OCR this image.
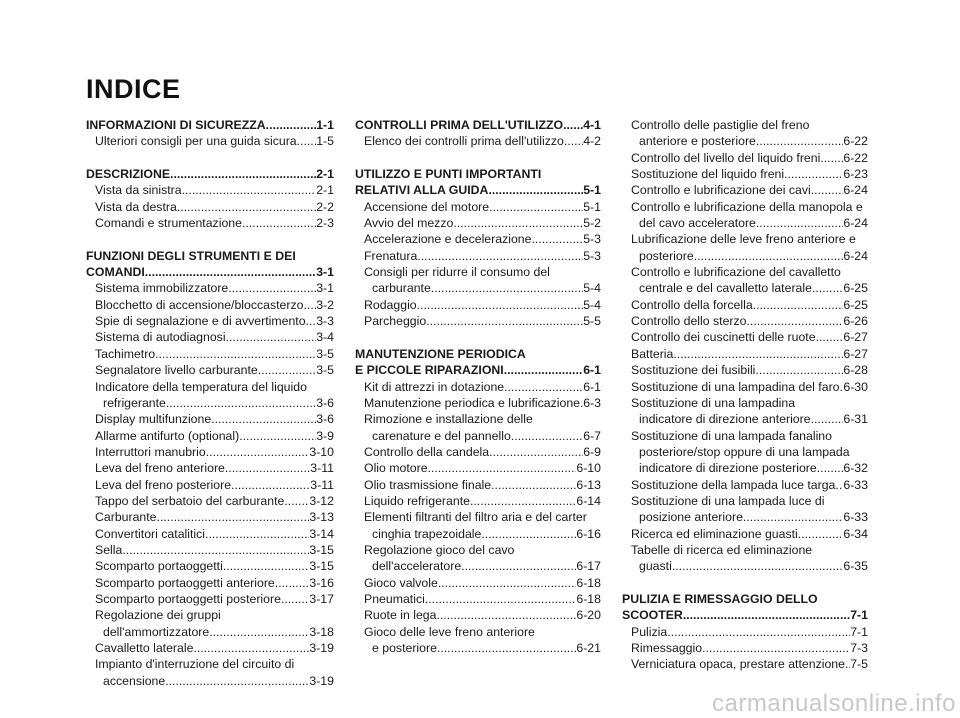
INDICE
INFORMAZIONI DI SICUREZZA .....	1-1
Ulteriori consigli per una guida sicura ..... 1-5
DESCRIZIONE .....	2-1
Vista da sinistra .....	2-1
Vista da destra .....	2-2
Comandi e strumentazione .....	2-3
FUNZIONI DEGLI STRUMENTI E DEI
COMANDI .....	3-1
Sistema immobilizzatore .....	3-1
Blocchetto di accensione/bloccasterzo ..... 3-2
Spie di segnalazione e di avvertimento ..... 3-3
Sistema di autodiagnosi .....	3-4
Tachimetro .....	3-5
Segnalatore livello carburante .....	3-5
Indicatore della temperatura del liquido
refrigerante .....	3-6
Display multifunzione .....	3-6
Allarme antifurto (optional) .....	3-9
Interruttori manubrio .....	3-10
Leva del freno anteriore .....	3-11
Leva del freno posteriore .....	3-11
Tappo del serbatoio del carburante ..... 3-12
Carburante .....	3-13
Convertitori catalitici .....	3-14
Sella .....	3-15
Scomparto portaoggetti .....	3-15
Scomparto portaoggetti anteriore .....	3-16
Scomparto portaoggetti posteriore ..... 3-17
Regolazione dei gruppi
dell'ammortizzatore .....	3-18
Cavalletto laterale .....	3-19
Impianto d'interruzione del circuito di
accensione .....	3-19
CONTROLLI PRIMA DELL'UTILIZZO ..... 4-1
Elenco dei controlli prima dell'utilizzo ..... 4-2
UTILIZZO E PUNTI IMPORTANTI
RELATIVI ALLA GUIDA .....	5-1
Accensione del motore .....	5-1
Avvio del mezzo .....	5-2
Accelerazione e decelerazione .....	5-3
Frenatura .....	5-3
Consigli per ridurre il consumo del
carburante .....	5-4
Rodaggio .....	5-4
Parcheggio .....	5-5
MANUTENZIONE PERIODICA
E PICCOLE RIPARAZIONI .....	6-1
Kit di attrezzi in dotazione .....	6-1
Manutenzione periodica e lubrificazione ..... 6-3
Rimozione e installazione delle
carenature e del pannello .....	6-7
Controllo della candela .....	6-9
Olio motore .....	6-10
Olio trasmissione finale .....	6-13
Liquido refrigerante .....	6-14
Elementi filtranti del filtro aria e del carter
cinghia trapezoidale .....	6-16
Regolazione gioco del cavo
dell'acceleratore .....	6-17
Gioco valvole .....	6-18
Pneumatici .....	6-18
Ruote in lega .....	6-20
Gioco delle leve freno anteriore
e posteriore .....	6-21
Controllo delle pastiglie del freno
anteriore e posteriore .....	6-22
Controllo del livello del liquido freni ..... 6-22
Sostituzione del liquido freni .....	6-23
Controllo e lubrificazione dei cavi .....	6-24
Controllo e lubrificazione della manopola e
del cavo acceleratore .....	6-24
Lubrificazione delle leve freno anteriore e
posteriore .....	6-24
Controllo e lubrificazione del cavalletto
centrale e del cavalletto laterale .....	6-25
Controllo della forcella .....	6-25
Controllo dello sterzo .....	6-26
Controllo dei cuscinetti delle ruote ..... 6-27
Batteria .....	6-27
Sostituzione dei fusibili .....	6-28
Sostituzione di una lampadina del faro ..... 6-30
Sostituzione di una lampadina
indicatore di direzione anteriore .....	6-31
Sostituzione di una lampada fanalino
posteriore/stop oppure di una lampada
indicatore di direzione posteriore ..... 6-32
Sostituzione della lampada luce targa ..... 6-33
Sostituzione di una lampada luce di
posizione anteriore .....	6-33
Ricerca ed eliminazione guasti .....	6-34
Tabelle di ricerca ed eliminazione
guasti .....	6-35
PULIZIA E RIMESSAGGIO DELLO
SCOOTER .....	7-1
Pulizia .....	7-1
Rimessaggio .....	7-3
Verniciatura opaca, prestare attenzione ..... 7-5
carmanualsonline.info
